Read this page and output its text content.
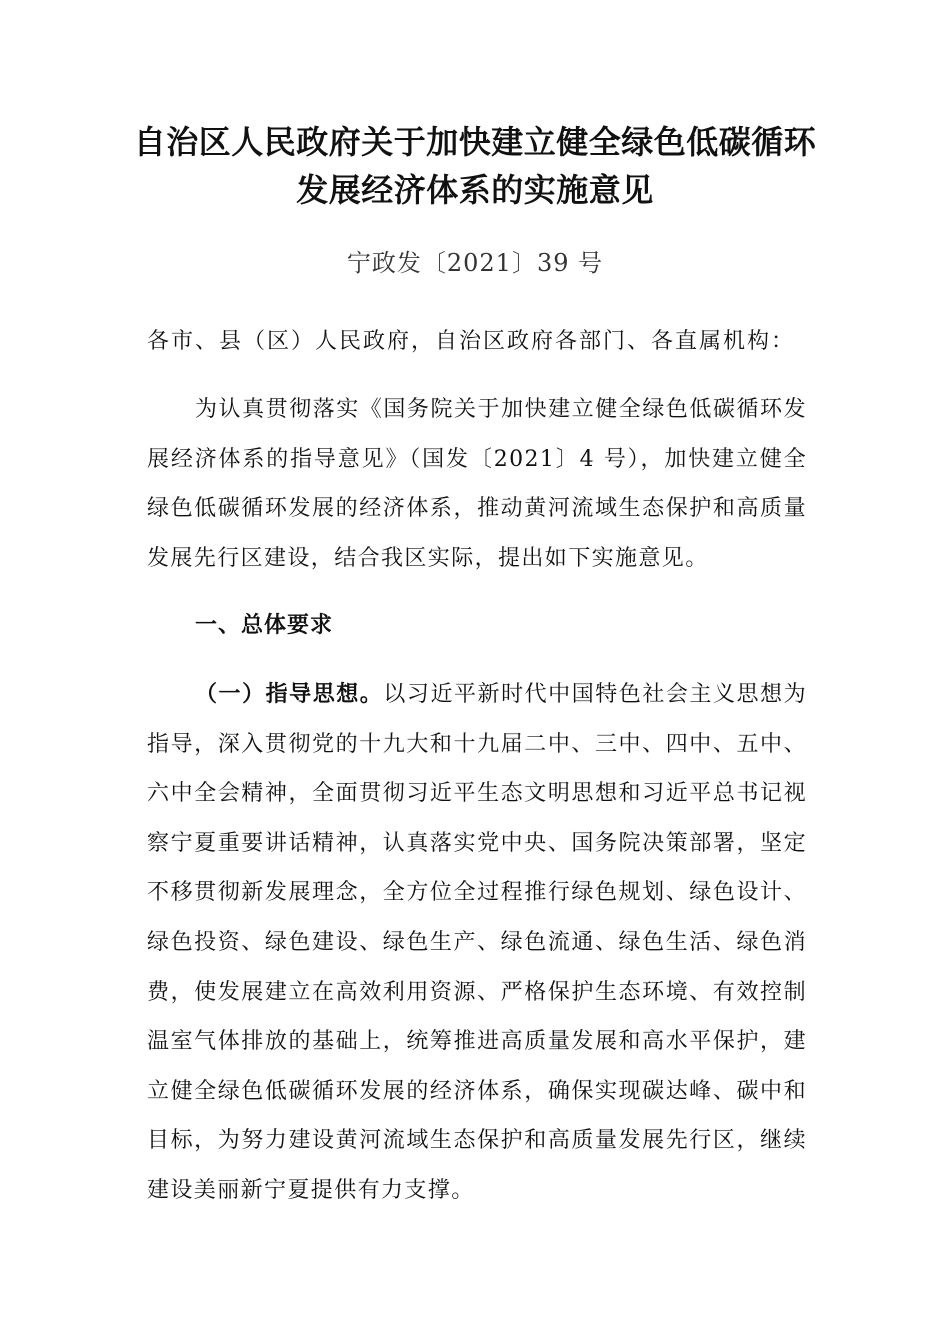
自治区人民政府关于加快建立健全绿色低碳循环
发展经济体系的实施意见
宁政发〔2021〕39 号
各市、县（区）人民政府，自治区政府各部门、各直属机构：

为认真贯彻落实《国务院关于加快建立健全绿色低碳循环发展经济体系的指导意见》（国发〔2021〕4 号），加快建立健全绿色低碳循环发展的经济体系，推动黄河流域生态保护和高质量发展先行区建设，结合我区实际，提出如下实施意见。

一、总体要求

（一）指导思想。以习近平新时代中国特色社会主义思想为指导，深入贯彻党的十九大和十九届二中、三中、四中、五中、六中全会精神，全面贯彻习近平生态文明思想和习近平总书记视察宁夏重要讲话精神，认真落实党中央、国务院决策部署，坚定不移贯彻新发展理念，全方位全过程推行绿色规划、绿色设计、绿色投资、绿色建设、绿色生产、绿色流通、绿色生活、绿色消费，使发展建立在高效利用资源、严格保护生态环境、有效控制温室气体排放的基础上，统筹推进高质量发展和高水平保护，建立健全绿色低碳循环发展的经济体系，确保实现碳达峰、碳中和目标，为努力建设黄河流域生态保护和高质量发展先行区，继续建设美丽新宁夏提供有力支撑。
